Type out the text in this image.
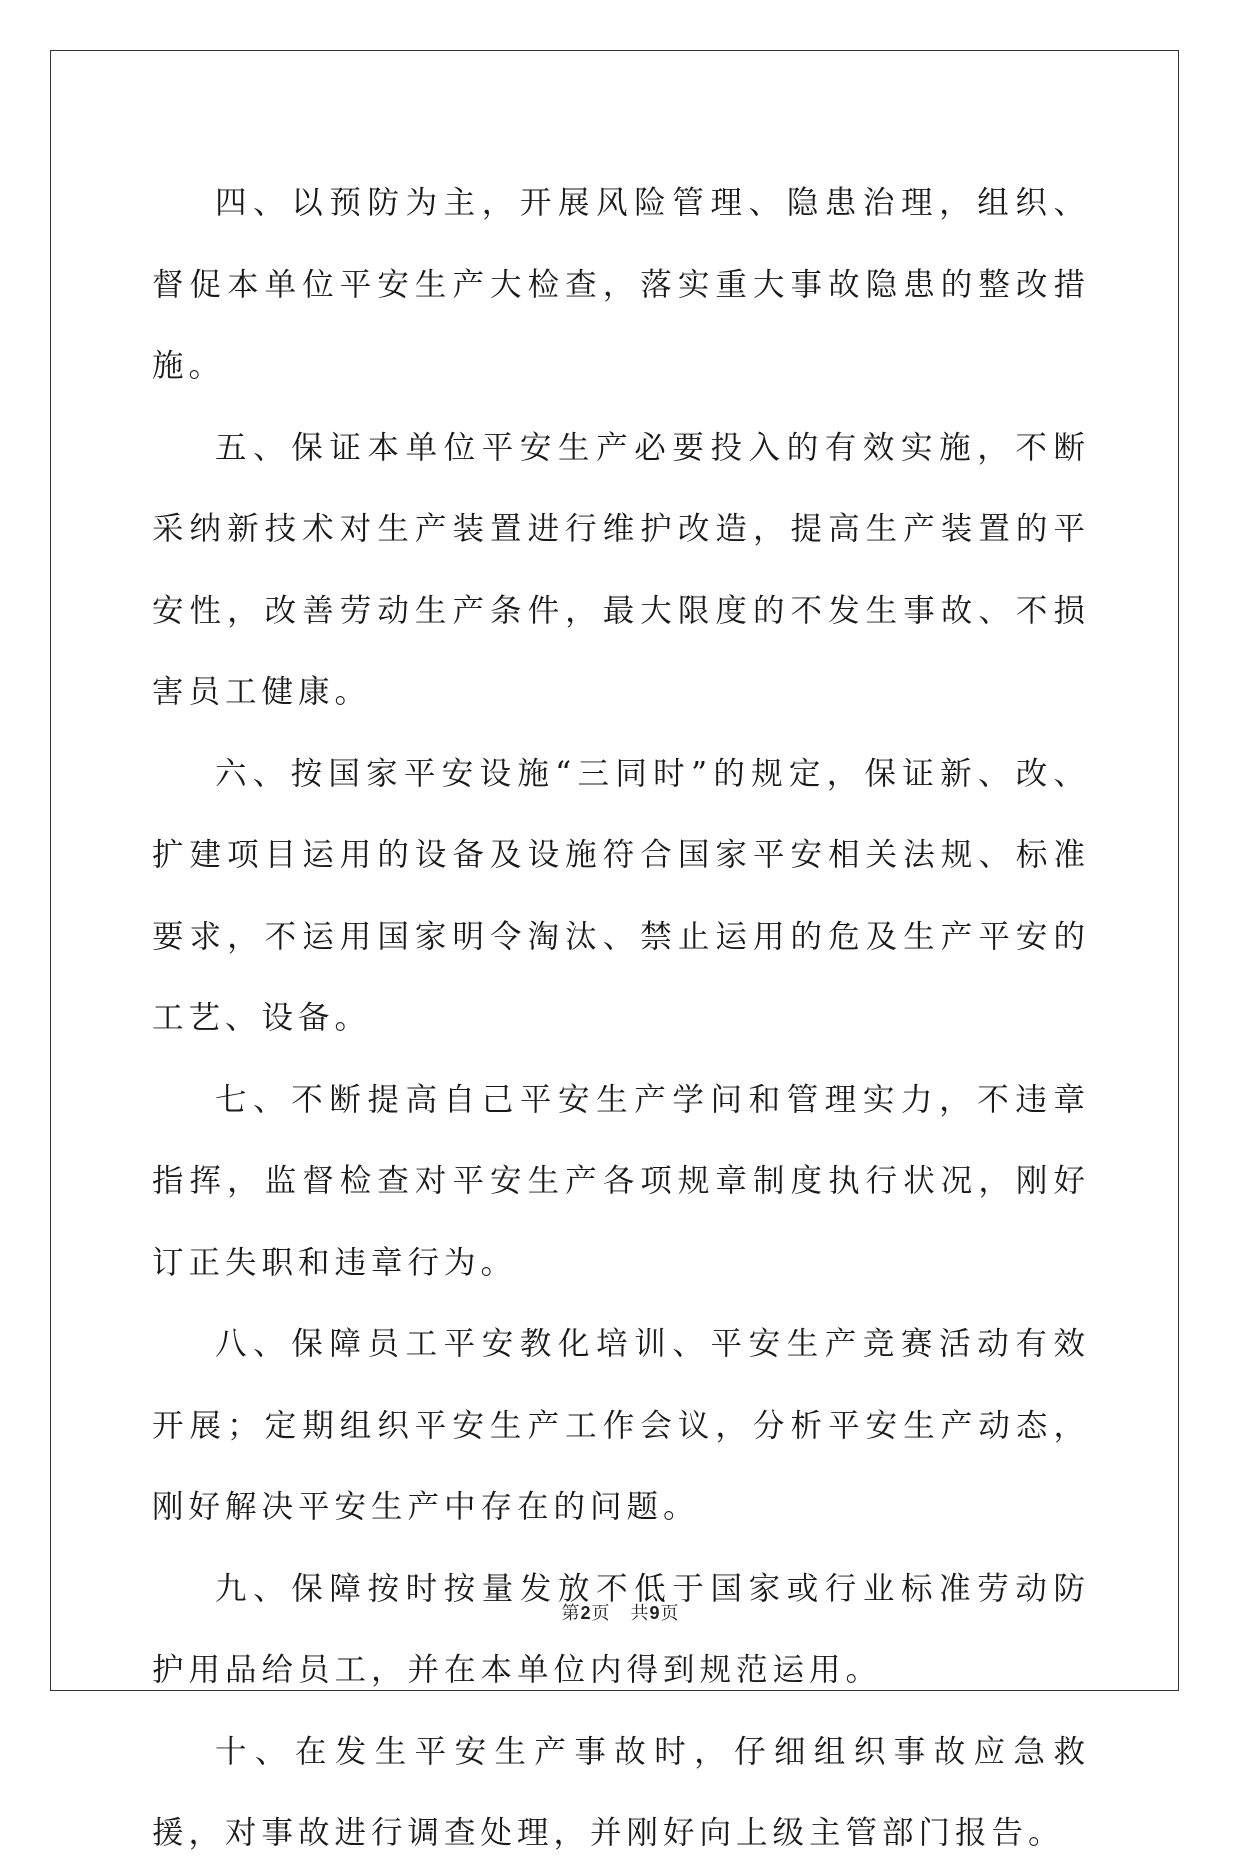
四、以预防为主，开展风险管理、隐患治理，组织、督促本单位平安生产大检查，落实重大事故隐患的整改措施。

五、保证本单位平安生产必要投入的有效实施，不断采纳新技术对生产装置进行维护改造，提高生产装置的平安性，改善劳动生产条件，最大限度的不发生事故、不损害员工健康。

六、按国家平安设施“三同时”的规定，保证新、改、扩建项目运用的设备及设施符合国家平安相关法规、标准要求，不运用国家明令淘汰、禁止运用的危及生产平安的工艺、设备。

七、不断提高自己平安生产学问和管理实力，不违章指挥，监督检查对平安生产各项规章制度执行状况，刚好订正失职和违章行为。

八、保障员工平安教化培训、平安生产竞赛活动有效开展；定期组织平安生产工作会议，分析平安生产动态，刚好解决平安生产中存在的问题。

九、保障按时按量发放不低于国家或行业标准劳动防护用品给员工，并在本单位内得到规范运用。

十、在发生平安生产事故时，仔细组织事故应急救援，对事故进行调查处理，并刚好向上级主管部门报告。

第2页 共9页
